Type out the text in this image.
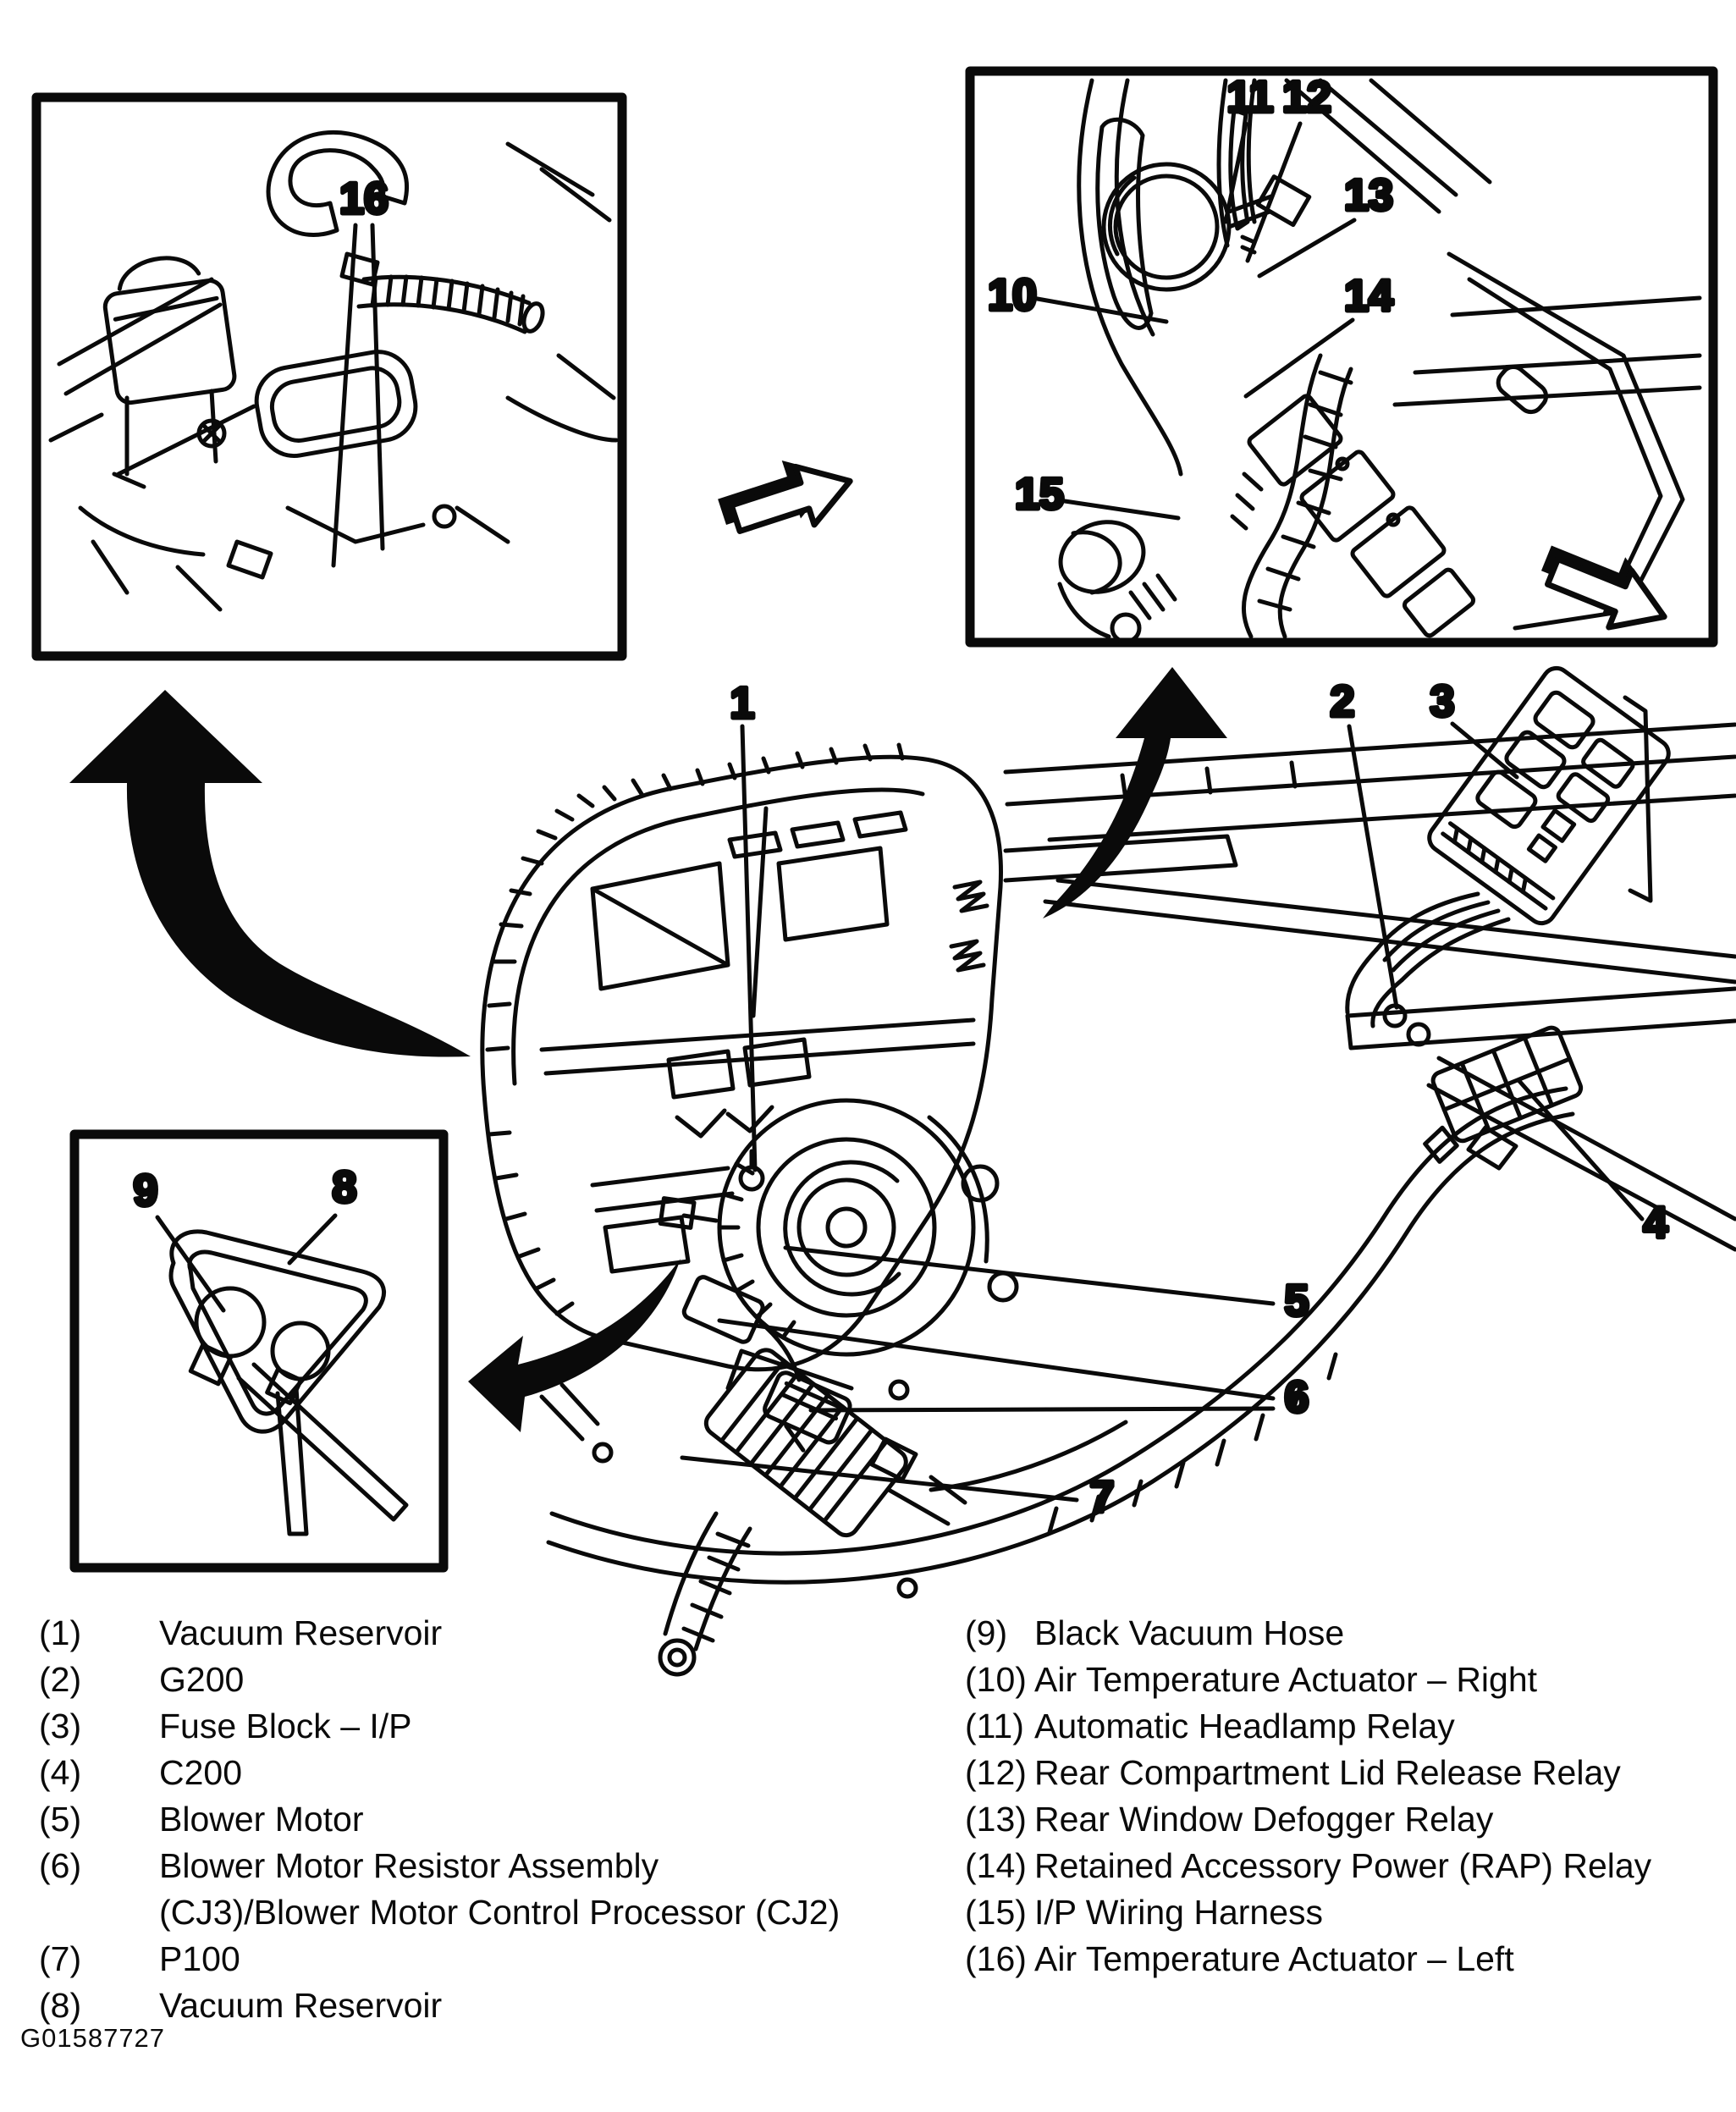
16
10
11 12
13
14
15
1	2 3
4
5
6
7
9	8
(1)	Vacuum Reservoir
(2)	G200
(3)	Fuse Block – I/P
(4)	C200
(5)	Blower Motor
(6)	Blower Motor Resistor Assembly
(CJ3)/Blower Motor Control Processor (CJ2)
(7)	P100
(8)	Vacuum Reservoir
(9) Black Vacuum Hose
(10) Air Temperature Actuator – Right
(11) Automatic Headlamp Relay
(12) Rear Compartment Lid Release Relay
(13) Rear Window Defogger Relay
(14) Retained Accessory Power (RAP) Relay
(15) I/P Wiring Harness
(16) Air Temperature Actuator – Left
G01587727
